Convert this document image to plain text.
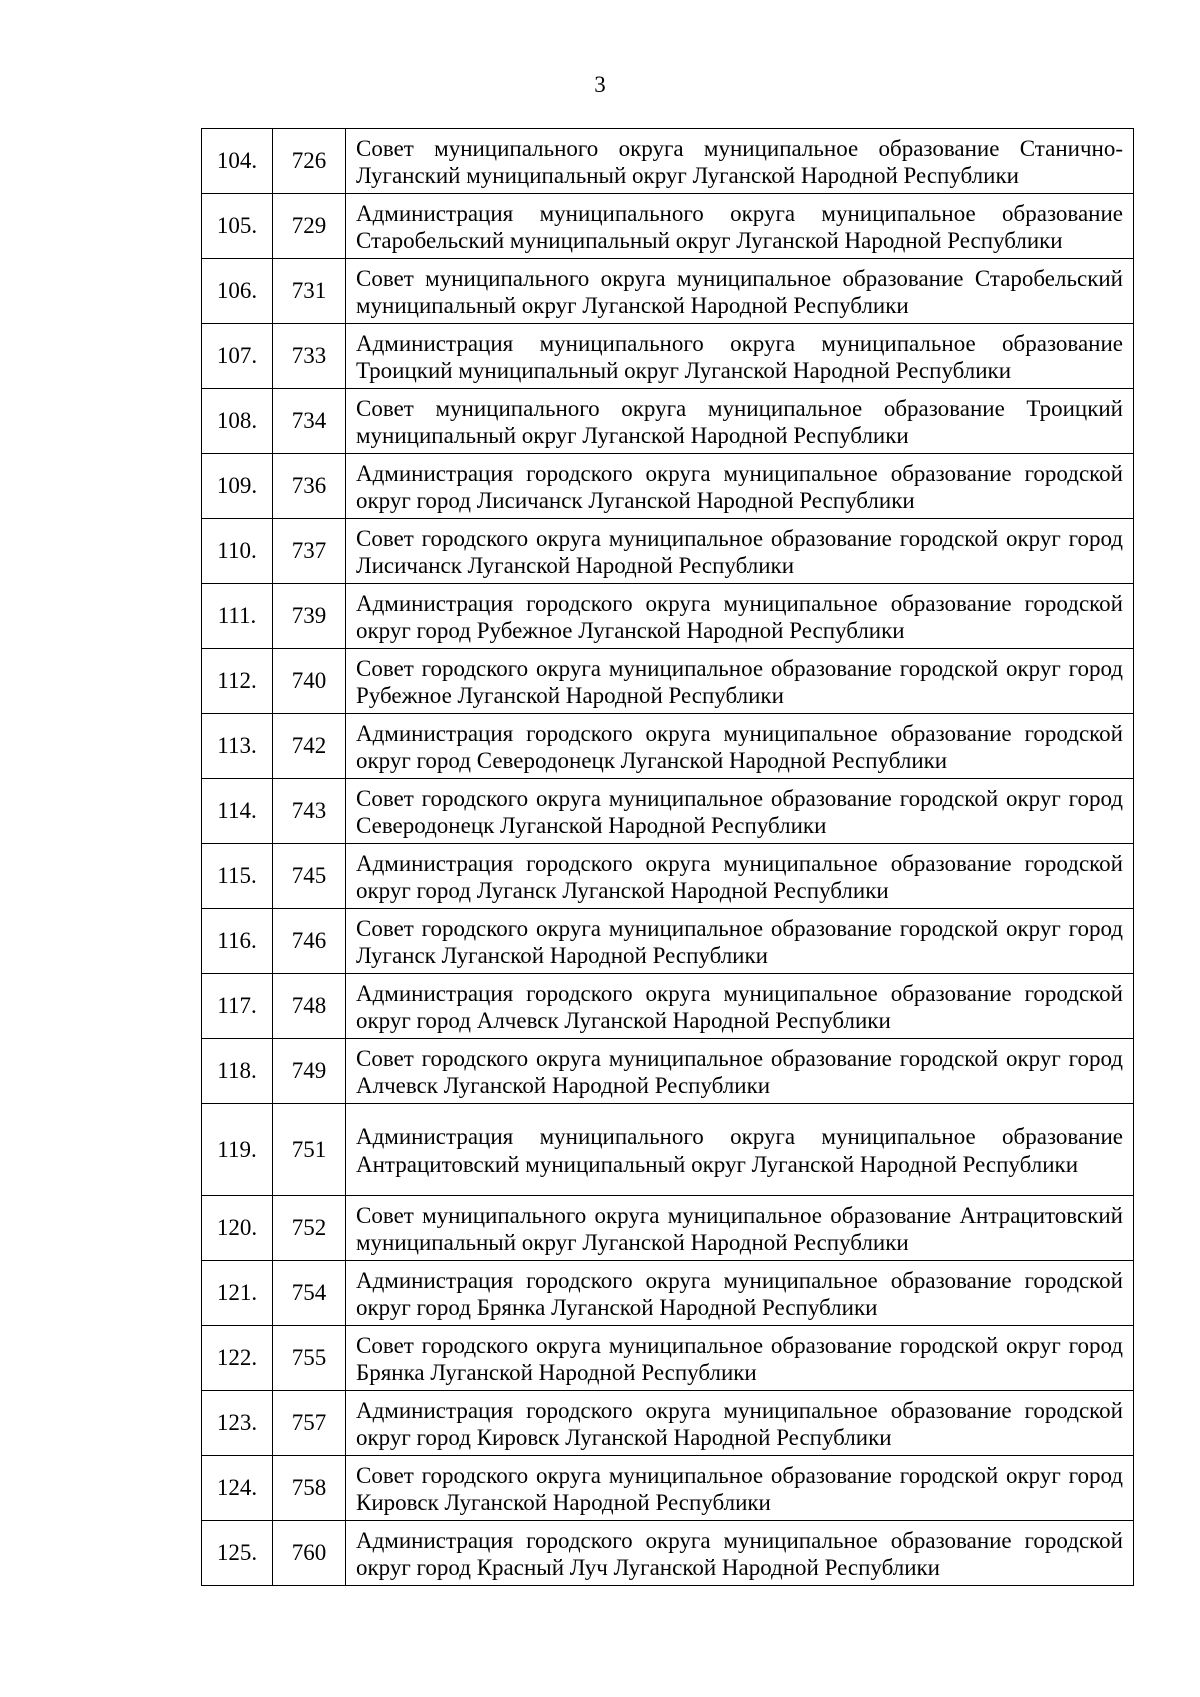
3
104.	726	Совет муниципального округа муниципальное образование Станично-Луганский муниципальный округ Луганской Народной Республики
105.	729	Администрация муниципального округа муниципальное образование Старобельский муниципальный округ Луганской Народной Республики
106.	731	Совет муниципального округа муниципальное образование Старобельский муниципальный округ Луганской Народной Республики
107.	733	Администрация муниципального округа муниципальное образование Троицкий муниципальный округ Луганской Народной Республики
108.	734	Совет муниципального округа муниципальное образование Троицкий муниципальный округ Луганской Народной Республики
109.	736	Администрация городского округа муниципальное образование городской округ город Лисичанск Луганской Народной Республики
110.	737	Совет городского округа муниципальное образование городской округ город Лисичанск Луганской Народной Республики
111.	739	Администрация городского округа муниципальное образование городской округ город Рубежное Луганской Народной Республики
112.	740	Совет городского округа муниципальное образование городской округ город Рубежное Луганской Народной Республики
113.	742	Администрация городского округа муниципальное образование городской округ город Северодонецк Луганской Народной Республики
114.	743	Совет городского округа муниципальное образование городской округ город Северодонецк Луганской Народной Республики
115.	745	Администрация городского округа муниципальное образование городской округ город Луганск Луганской Народной Республики
116.	746	Совет городского округа муниципальное образование городской округ город Луганск Луганской Народной Республики
117.	748	Администрация городского округа муниципальное образование городской округ город Алчевск Луганской Народной Республики
118.	749	Совет городского округа муниципальное образование городской округ город Алчевск Луганской Народной Республики
119.	751	Администрация муниципального округа муниципальное образование Антрацитовский муниципальный округ Луганской Народной Республики
120.	752	Совет муниципального округа муниципальное образование Антрацитовский муниципальный округ Луганской Народной Республики
121.	754	Администрация городского округа муниципальное образование городской округ город Брянка Луганской Народной Республики
122.	755	Совет городского округа муниципальное образование городской округ город Брянка Луганской Народной Республики
123.	757	Администрация городского округа муниципальное образование городской округ город Кировск Луганской Народной Республики
124.	758	Совет городского округа муниципальное образование городской округ город Кировск Луганской Народной Республики
125.	760	Администрация городского округа муниципальное образование городской округ город Красный Луч Луганской Народной Республики
